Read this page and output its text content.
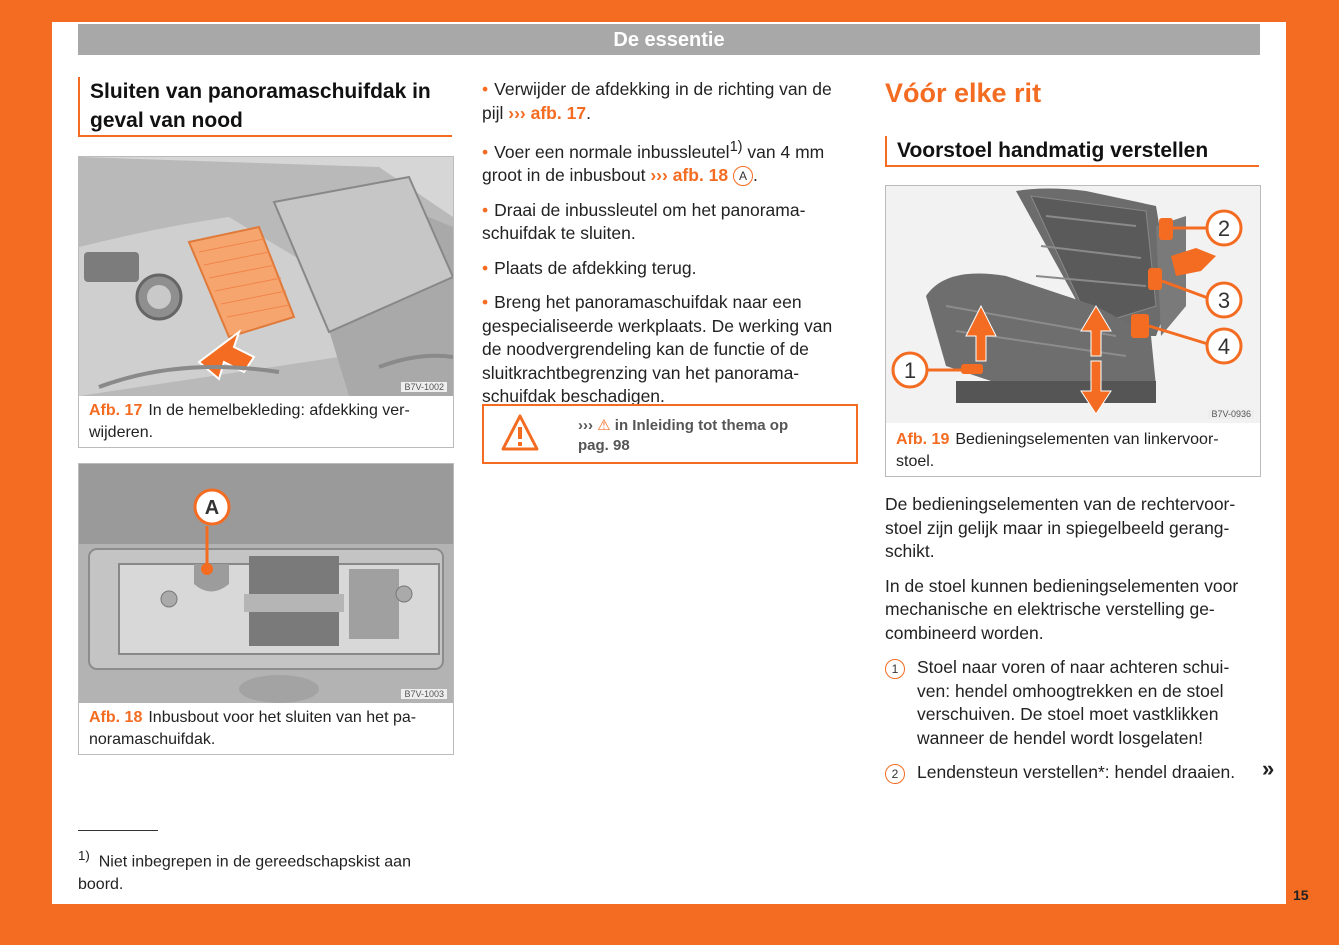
De essentie
Sluiten van panoramaschuifdak in
geval van nood
B7V-1002
Afb. 17 In de hemelbekleding: afdekking ver-
wijderen.
A
B7V-1003
Afb. 18 Inbusbout voor het sluiten van het pa-
noramaschuifdak.
$^{1)}$ Niet inbegrepen in de gereedschapskist aan
boord.

• Verwijder de afdekking in de richting van de
pijl ››› afb. 17.

• Voer een normale inbussleutel$^{1)}$ van 4 mm
groot in de inbusbout ››› afb. 18 A .

• Draai de inbussleutel om het panorama-
schuifdak te sluiten.

• Plaats de afdekking terug.

• Breng het panoramaschuifdak naar een
gespecialiseerde werkplaats. De werking van
de noodvergrendeling kan de functie of de
sluitkrachtbegrenzing van het panorama-
schuifdak beschadigen.

››› ⚠ in Inleiding tot thema op
pag. 98
Vóór elke rit
Voorstoel handmatig verstellen
1
2
3
4
B7V-0936
Afb. 19 Bedieningselementen van linkervoor-
stoel.

De bedieningselementen van de rechtervoor-
stoel zijn gelijk maar in spiegelbeeld gerang-
schikt.

In de stoel kunnen bedieningselementen voor
mechanische en elektrische verstelling ge-
combineerd worden.

1	Stoel naar voren of naar achteren schui-
ven: hendel omhoogtrekken en de stoel
verschuiven. De stoel moet vastklikken
wanneer de hendel wordt losgelaten!
2	Lendensteun verstellen*: hendel draaien.	»
15
